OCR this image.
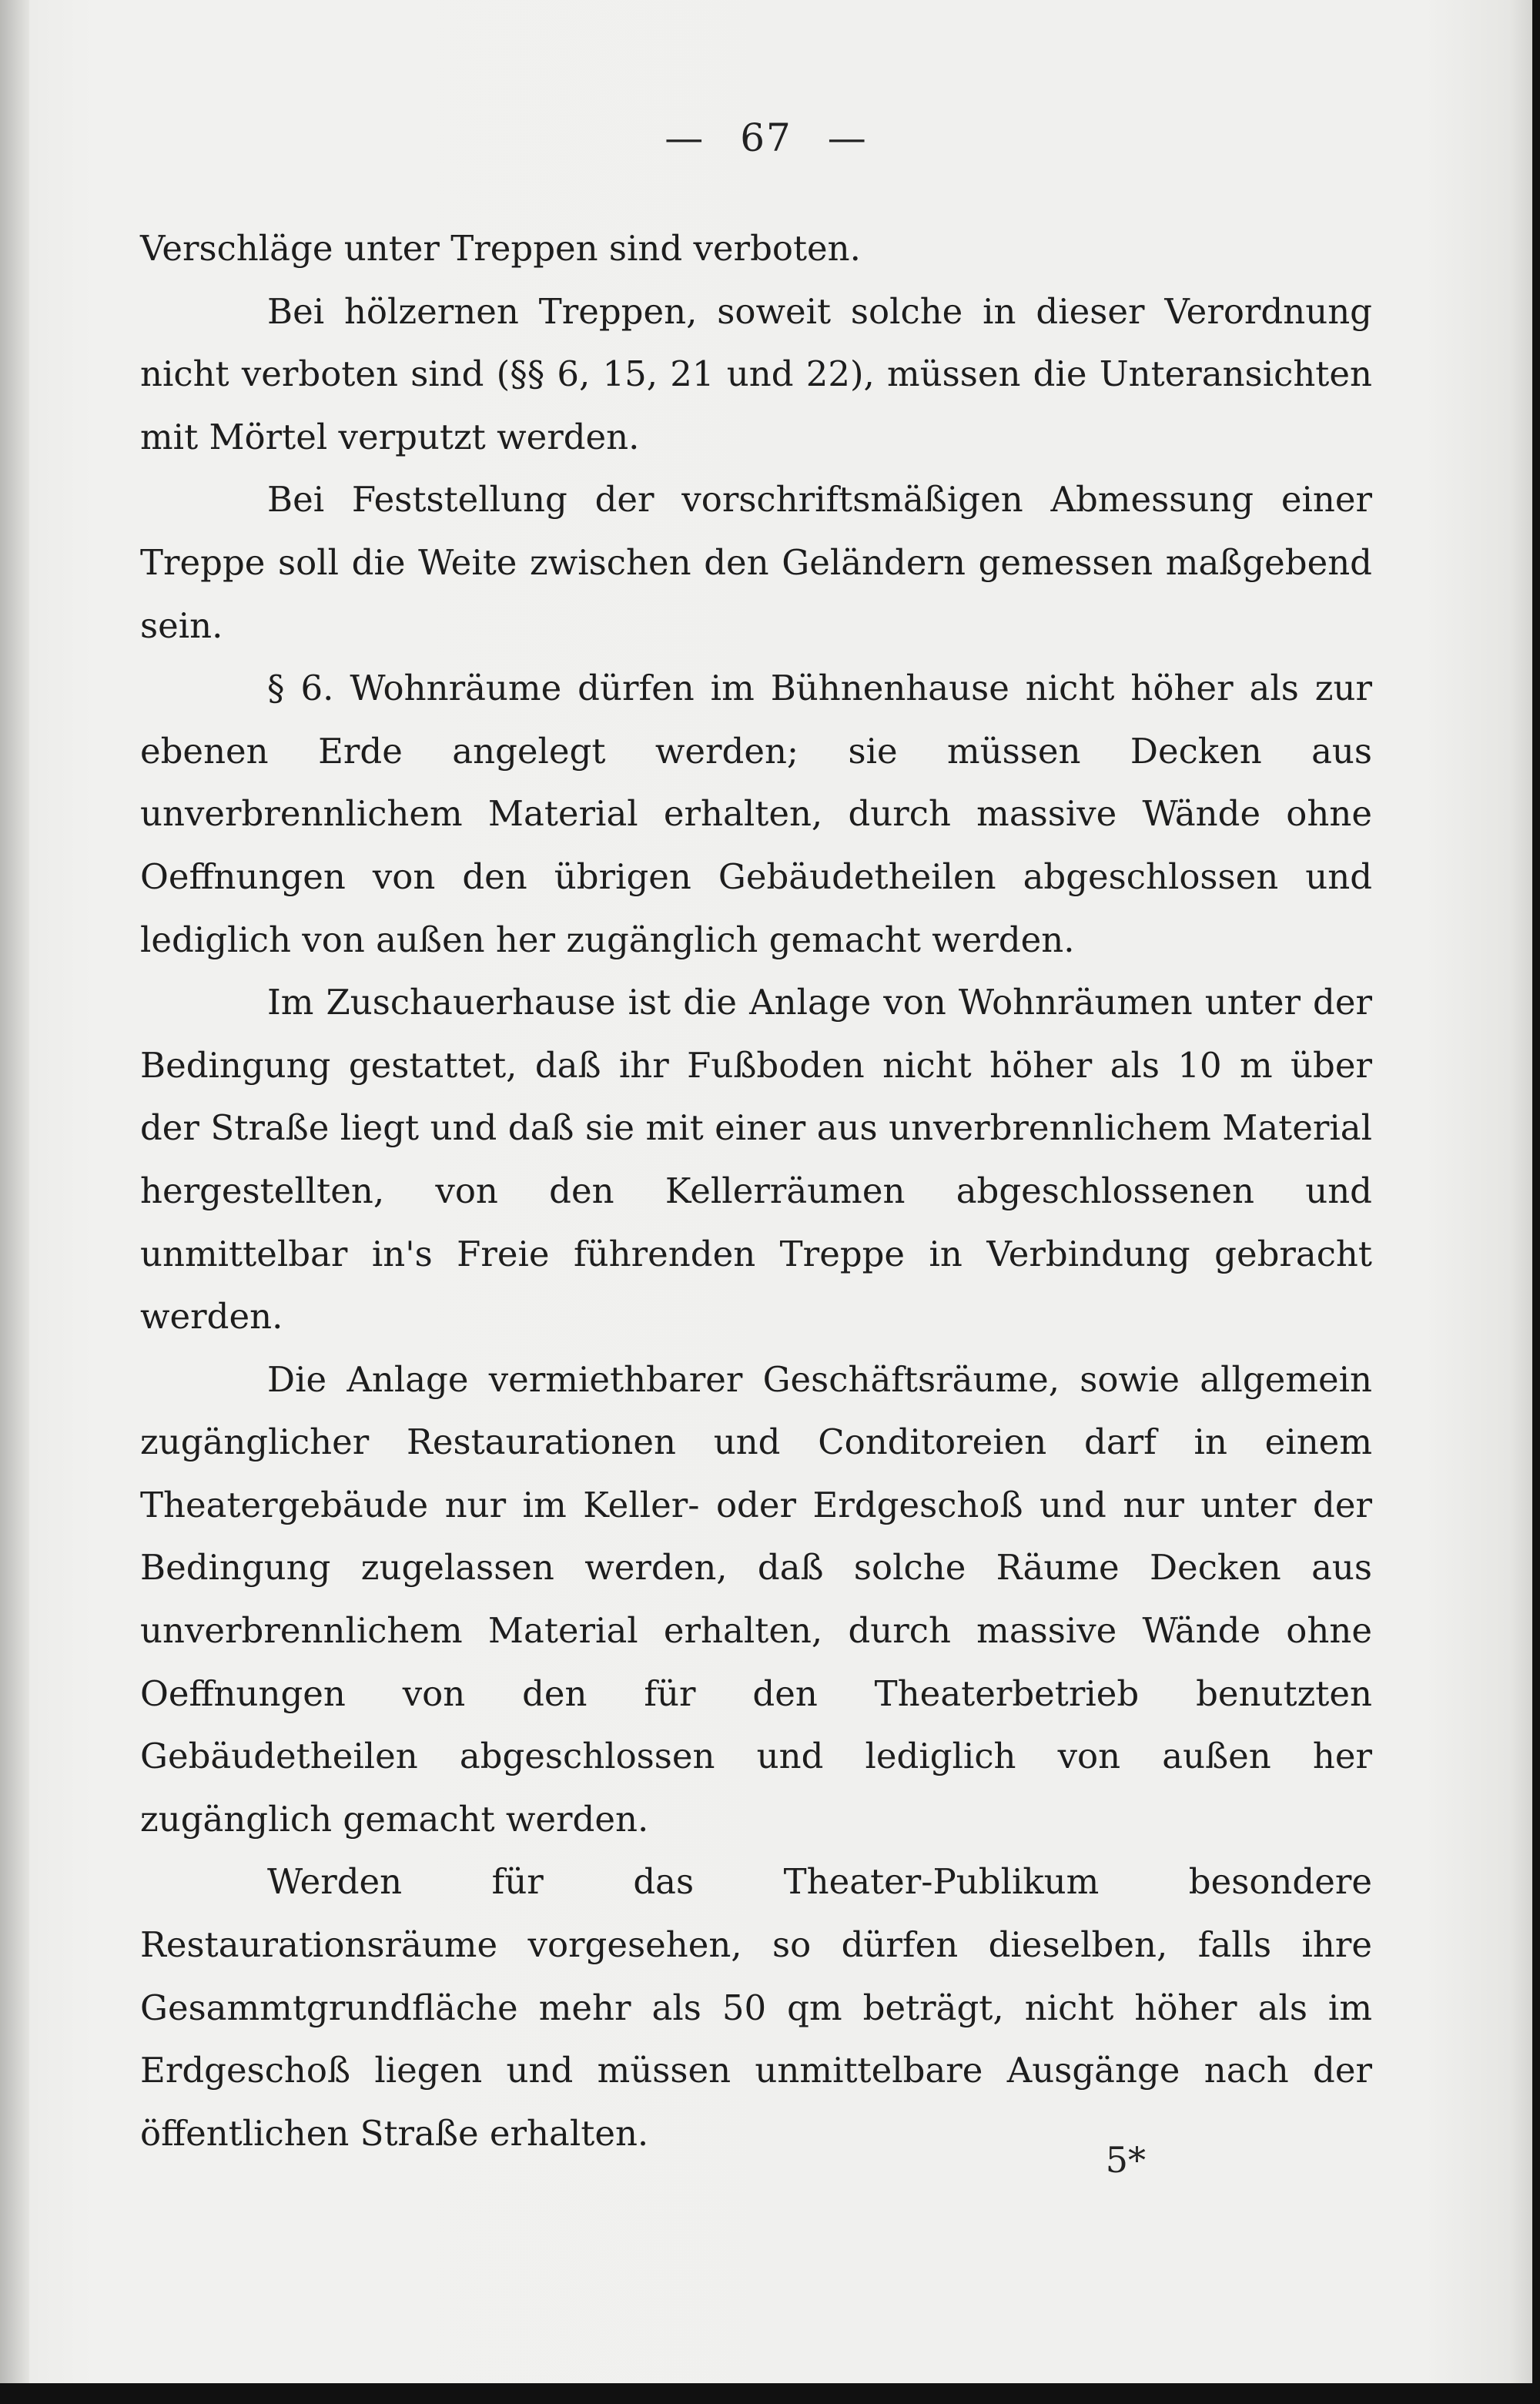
— 67 —

Verschläge unter Treppen sind verboten.

Bei hölzernen Treppen, soweit solche in dieser Verordnung nicht verboten sind (§§ 6, 15, 21 und 22), müssen die Unteransichten mit Mörtel verputzt werden.

Bei Feststellung der vorschriftsmäßigen Abmessung einer Treppe soll die Weite zwischen den Geländern gemessen maßgebend sein.

§ 6. Wohnräume dürfen im Bühnenhause nicht höher als zur ebenen Erde angelegt werden; sie müssen Decken aus unverbrennlichem Material erhalten, durch massive Wände ohne Oeffnungen von den übrigen Gebäudetheilen abgeschlossen und lediglich von außen her zugänglich gemacht werden.

Im Zuschauerhause ist die Anlage von Wohnräumen unter der Bedingung gestattet, daß ihr Fußboden nicht höher als 10 m über der Straße liegt und daß sie mit einer aus unverbrennlichem Material hergestellten, von den Kellerräumen abgeschlossenen und unmittelbar in's Freie führenden Treppe in Verbindung gebracht werden.

Die Anlage vermiethbarer Geschäftsräume, sowie allgemein zugänglicher Restaurationen und Conditoreien darf in einem Theatergebäude nur im Keller- oder Erdgeschoß und nur unter der Bedingung zugelassen werden, daß solche Räume Decken aus unverbrennlichem Material erhalten, durch massive Wände ohne Oeffnungen von den für den Theaterbetrieb benutzten Gebäudetheilen abgeschlossen und lediglich von außen her zugänglich gemacht werden.

Werden für das Theater-Publikum besondere Restaurationsräume vorgesehen, so dürfen dieselben, falls ihre Gesammtgrundfläche mehr als 50 qm beträgt, nicht höher als im Erdgeschoß liegen und müssen unmittelbare Ausgänge nach der öffentlichen Straße erhalten.

5*
